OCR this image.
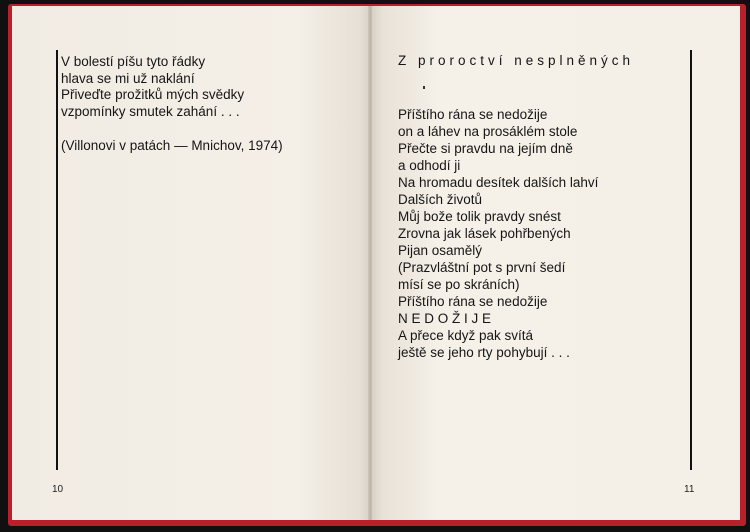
V bolestí píšu tyto řádky
hlava se mi už naklání
Přiveďte prožitků mých svědky
vzpomínky smutek zahání . . .
(Villonovi v patách — Mnichov, 1974)
10
Z proroctví nesplněných
Příštího rána se nedožije
on a láhev na prosáklém stole
Přečte si pravdu na jejím dně
a odhodí ji
Na hromadu desítek dalších lahví
Dalších životů
Můj bože tolik pravdy snést
Zrovna jak lásek pohřbených
Pijan osamělý
(Prazvláštní pot s první šedí
mísí se po skráních)
Příštího rána se nedožije
N E D O Ž I J E
A přece když pak svítá
ještě se jeho rty pohybují . . .
11
